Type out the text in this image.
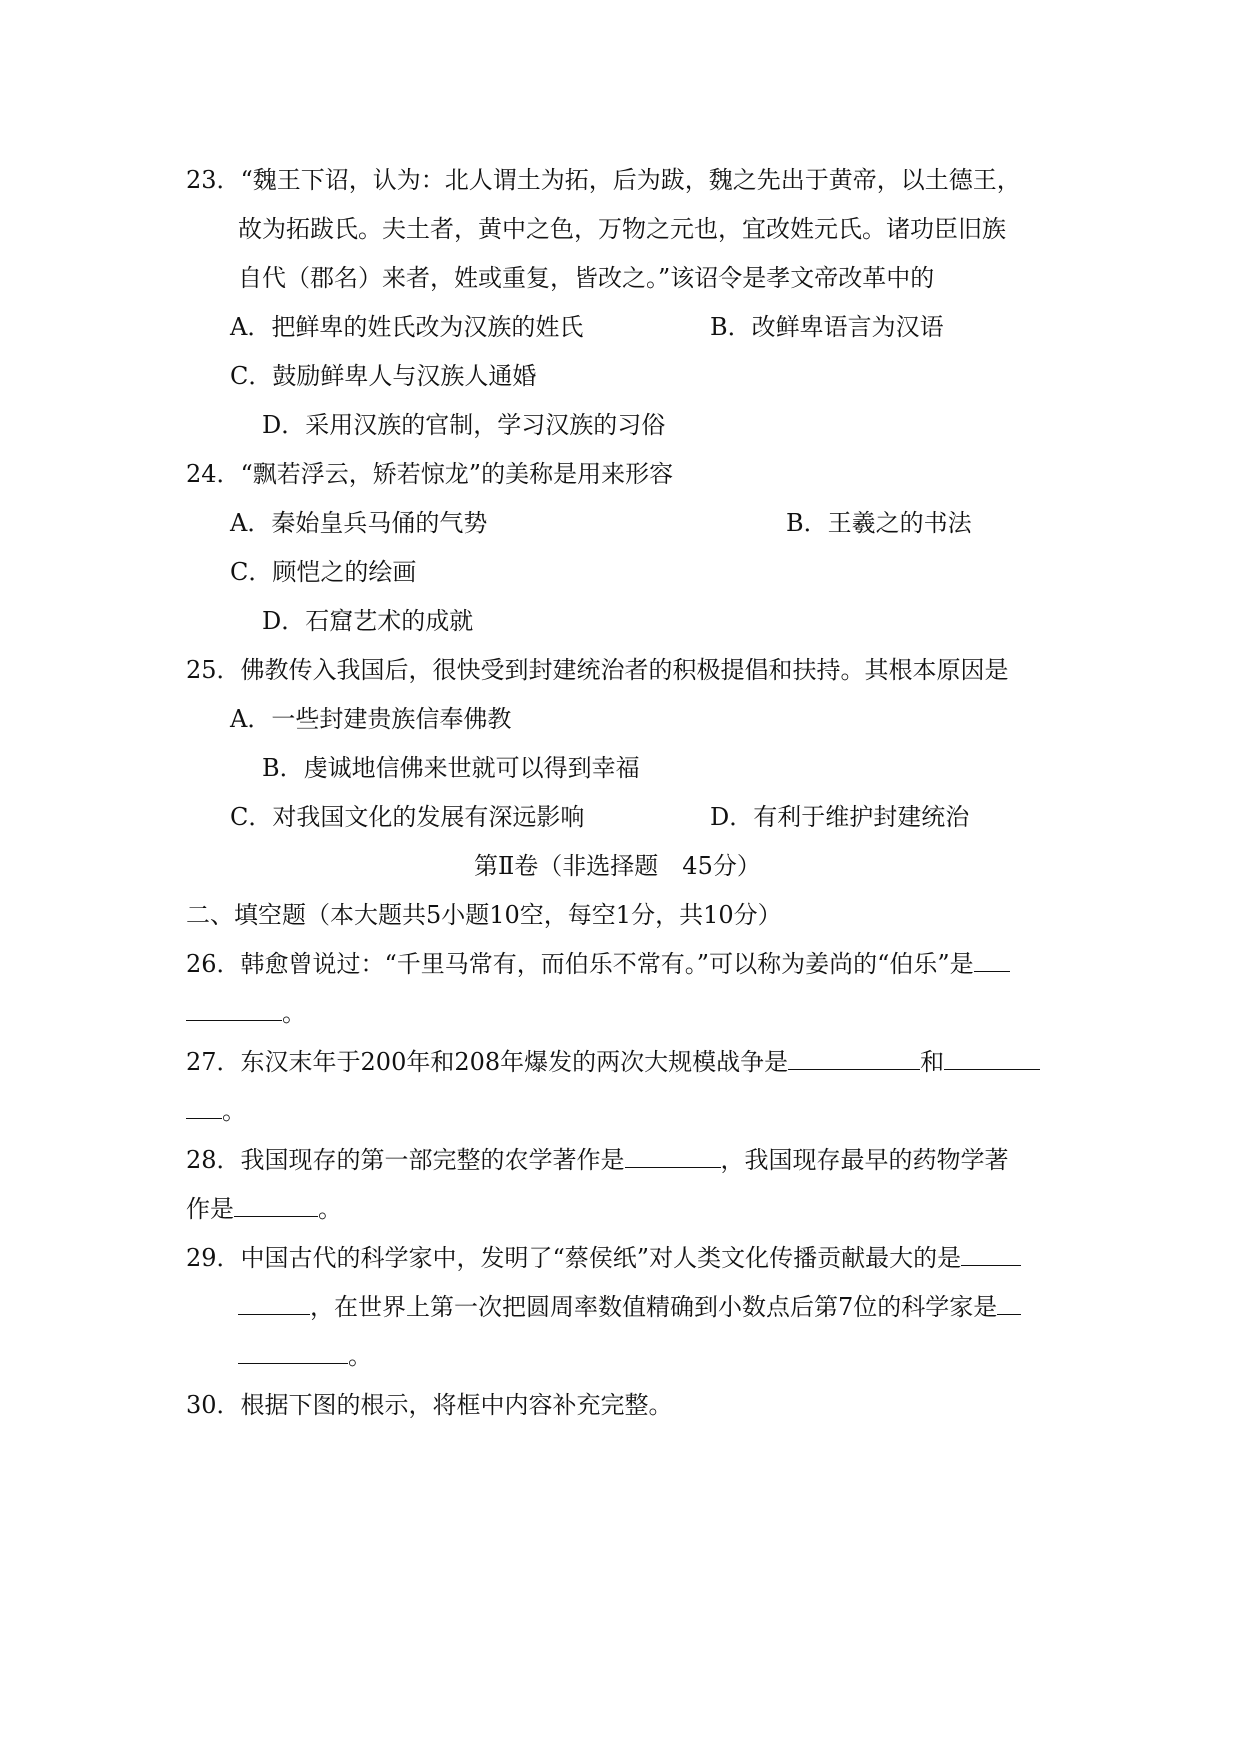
23．“魏王下诏，认为：北人谓土为拓，后为跋，魏之先出于黄帝，以土德王，
故为拓跋氏。夫土者，黄中之色，万物之元也，宜改姓元氏。诸功臣旧族
自代（郡名）来者，姓或重复，皆改之。”该诏令是孝文帝改革中的
A．把鲜卑的姓氏改为汉族的姓氏	B．改鲜卑语言为汉语
C．鼓励鲜卑人与汉族人通婚
D．采用汉族的官制，学习汉族的习俗
24．“飘若浮云，矫若惊龙”的美称是用来形容
A．秦始皇兵马俑的气势	B．王羲之的书法
C．顾恺之的绘画
D．石窟艺术的成就
25．佛教传入我国后，很快受到封建统治者的积极提倡和扶持。其根本原因是
A．一些封建贵族信奉佛教
B．虔诚地信佛来世就可以得到幸福
C．对我国文化的发展有深远影响	D．有利于维护封建统治
第Ⅱ卷（非选择题　45分）
二、填空题（本大题共5小题10空，每空1分，共10分）
26．韩愈曾说过：“千里马常有，而伯乐不常有。”可以称为姜尚的“伯乐”是
。
27．东汉末年于200年和208年爆发的两次大规模战争是	和
。
28．我国现存的第一部完整的农学著作是	，我国现存最早的药物学著
作是	。
29．中国古代的科学家中，发明了“蔡侯纸”对人类文化传播贡献最大的是
，在世界上第一次把圆周率数值精确到小数点后第7位的科学家是
。
30．根据下图的根示，将框中内容补充完整。
